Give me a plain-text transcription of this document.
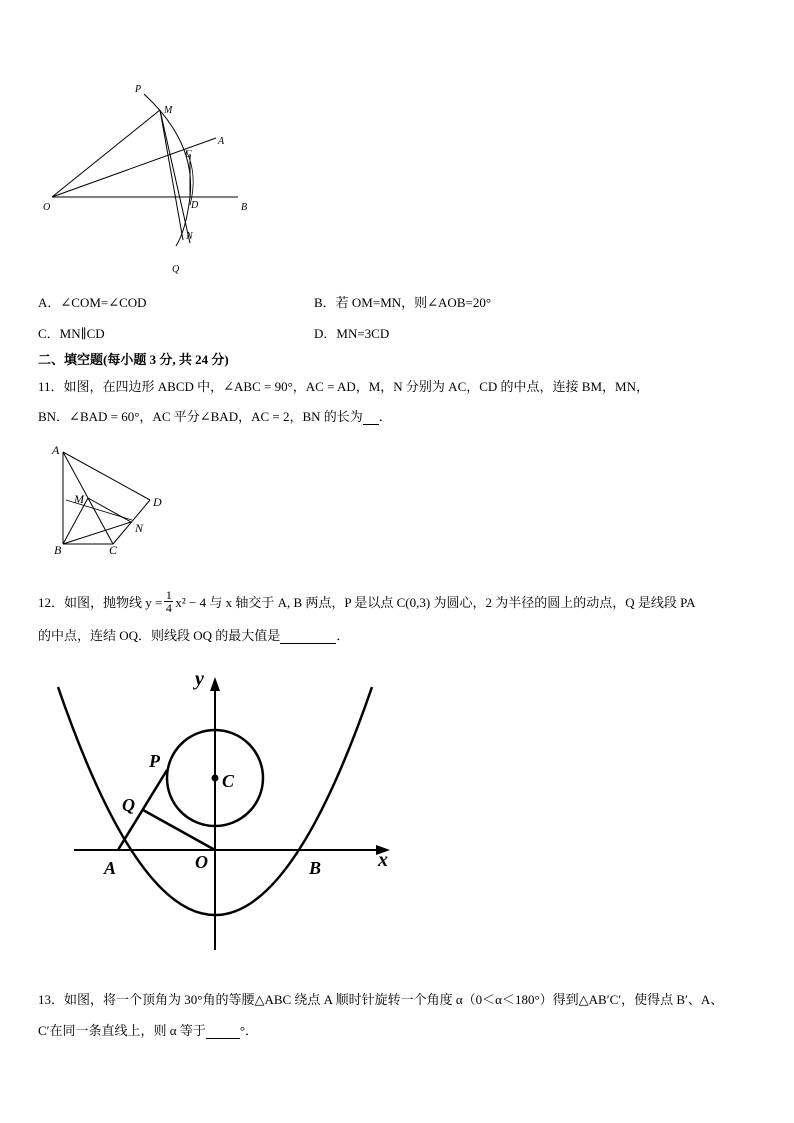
P
M
A
C
O	D	B
N
Q
A．∠COM=∠COD	B．若 OM=MN，则∠AOB=20°
C．MN∥CD	D．MN=3CD
二、填空题(每小题 3 分, 共 24 分)
11．如图，在四边形 ABCD 中，∠ABC = 90°，AC = AD，M，N 分别为 AC，CD 的中点，连接 BM，MN，
BN．∠BAD = 60°，AC 平分∠BAD，AC = 2，BN 的长为 ．
A
M	D
N
B	C
12．如图，抛物线 y = 1
4 x² − 4 与 x 轴交于 A, B 两点，P 是以点 C(0,3) 为圆心，2 为半径的圆上的动点，Q 是线段 PA
的中点，连结 OQ．则线段 OQ 的最大值是	．
y
x
P
C
Q
A	O	B
13．如图，将一个顶角为 30°角的等腰△ABC 绕点 A 顺时针旋转一个角度 α（0＜α＜180°）得到△AB′C′，使得点 B′、A、
C′在同一条直线上，则 α 等于	°．
